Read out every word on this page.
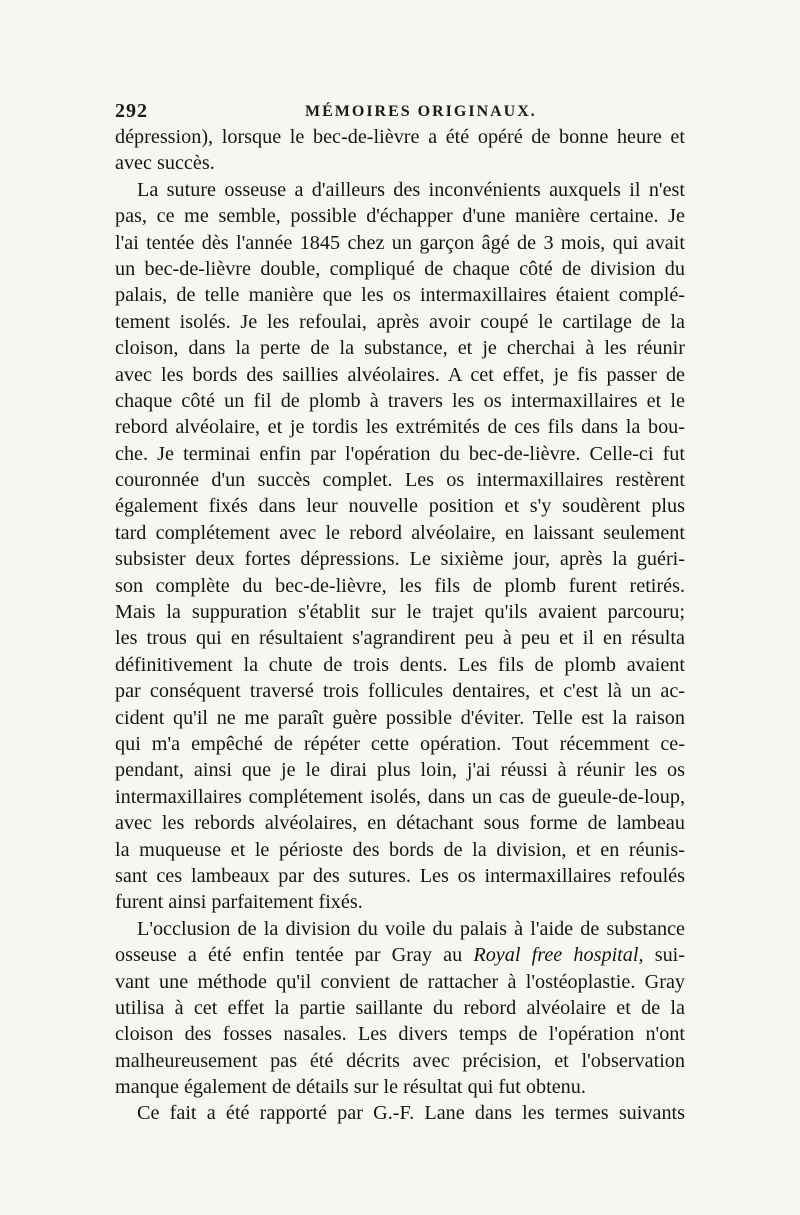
292	MÉMOIRES ORIGINAUX.
dépression), lorsque le bec-de-lièvre a été opéré de bonne heure et
avec succès.
La suture osseuse a d'ailleurs des inconvénients auxquels il n'est
pas, ce me semble, possible d'échapper d'une manière certaine. Je
l'ai tentée dès l'année 1845 chez un garçon âgé de 3 mois, qui avait
un bec-de-lièvre double, compliqué de chaque côté de division du
palais, de telle manière que les os intermaxillaires étaient complé-
tement isolés. Je les refoulai, après avoir coupé le cartilage de la
cloison, dans la perte de la substance, et je cherchai à les réunir
avec les bords des saillies alvéolaires. A cet effet, je fis passer de
chaque côté un fil de plomb à travers les os intermaxillaires et le
rebord alvéolaire, et je tordis les extrémités de ces fils dans la bou-
che. Je terminai enfin par l'opération du bec-de-lièvre. Celle-ci fut
couronnée d'un succès complet. Les os intermaxillaires restèrent
également fixés dans leur nouvelle position et s'y soudèrent plus
tard complétement avec le rebord alvéolaire, en laissant seulement
subsister deux fortes dépressions. Le sixième jour, après la guéri-
son complète du bec-de-lièvre, les fils de plomb furent retirés.
Mais la suppuration s'établit sur le trajet qu'ils avaient parcouru;
les trous qui en résultaient s'agrandirent peu à peu et il en résulta
définitivement la chute de trois dents. Les fils de plomb avaient
par conséquent traversé trois follicules dentaires, et c'est là un ac-
cident qu'il ne me paraît guère possible d'éviter. Telle est la raison
qui m'a empêché de répéter cette opération. Tout récemment ce-
pendant, ainsi que je le dirai plus loin, j'ai réussi à réunir les os
intermaxillaires complétement isolés, dans un cas de gueule-de-loup,
avec les rebords alvéolaires, en détachant sous forme de lambeau
la muqueuse et le périoste des bords de la division, et en réunis-
sant ces lambeaux par des sutures. Les os intermaxillaires refoulés
furent ainsi parfaitement fixés.
L'occlusion de la division du voile du palais à l'aide de substance
osseuse a été enfin tentée par Gray au Royal free hospital, sui-
vant une méthode qu'il convient de rattacher à l'ostéoplastie. Gray
utilisa à cet effet la partie saillante du rebord alvéolaire et de la
cloison des fosses nasales. Les divers temps de l'opération n'ont
malheureusement pas été décrits avec précision, et l'observation
manque également de détails sur le résultat qui fut obtenu.
Ce fait a été rapporté par G.-F. Lane dans les termes suivants
